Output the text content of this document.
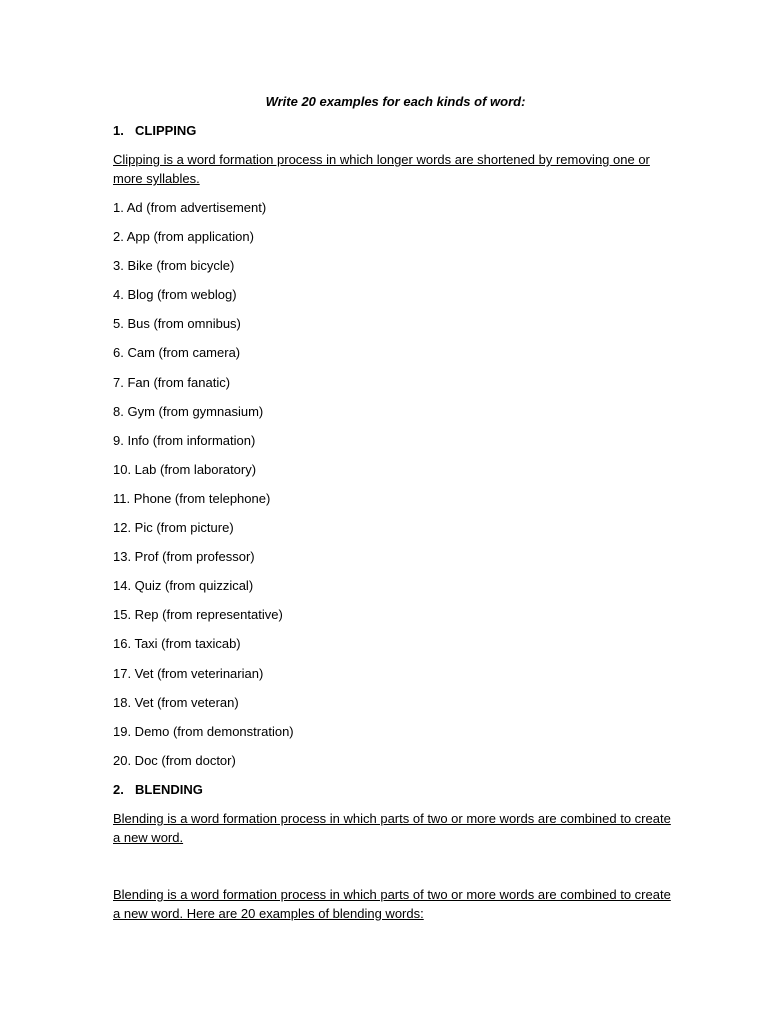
Write 20 examples for each kinds of word:
1. CLIPPING
Clipping is a word formation process in which longer words are shortened by removing one or more syllables.
1. Ad (from advertisement)
2. App (from application)
3. Bike (from bicycle)
4. Blog (from weblog)
5. Bus (from omnibus)
6. Cam (from camera)
7. Fan (from fanatic)
8. Gym (from gymnasium)
9. Info (from information)
10. Lab (from laboratory)
11. Phone (from telephone)
12. Pic (from picture)
13. Prof (from professor)
14. Quiz (from quizzical)
15. Rep (from representative)
16. Taxi (from taxicab)
17. Vet (from veterinarian)
18. Vet (from veteran)
19. Demo (from demonstration)
20. Doc (from doctor)
2. BLENDING
Blending is a word formation process in which parts of two or more words are combined to create a new word.
Blending is a word formation process in which parts of two or more words are combined to create a new word. Here are 20 examples of blending words:
